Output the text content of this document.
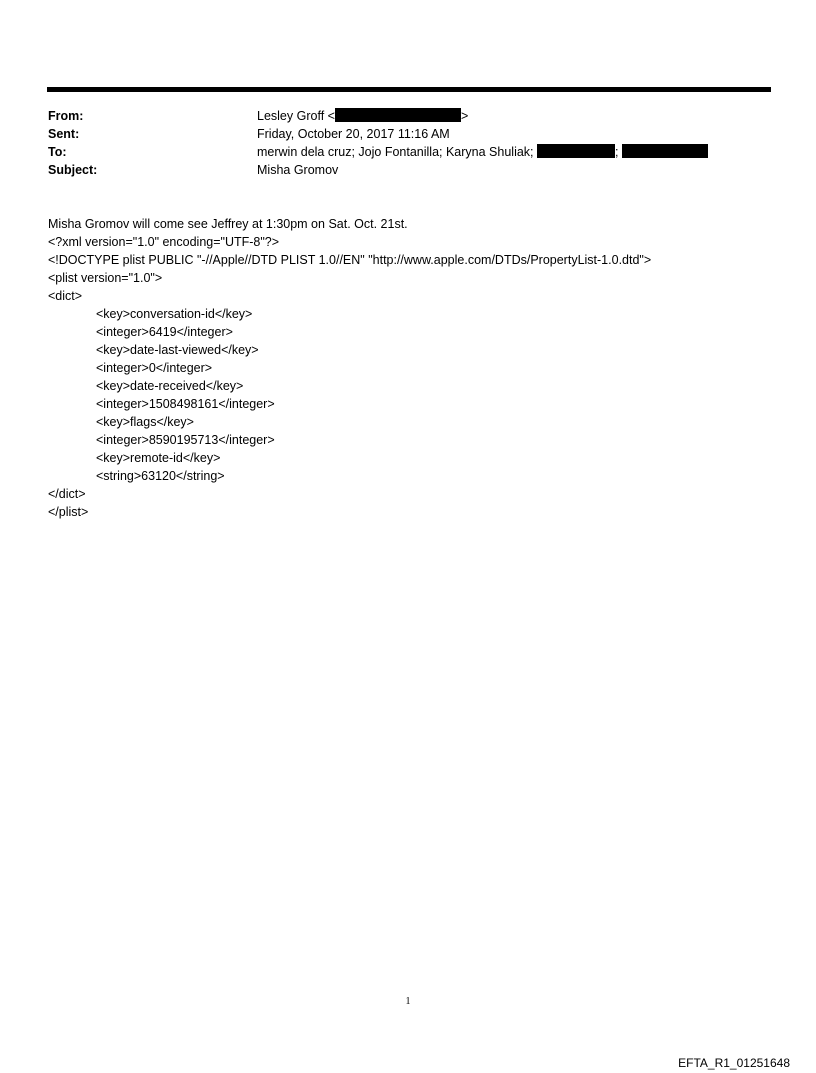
From:
Sent:
To:
Subject:
Lesley Groff <	>
Friday, October 20, 2017 11:16 AM
merwin dela cruz; Jojo Fontanilla; Karyna Shuliak;	;
Misha Gromov
Misha Gromov will come see Jeffrey at 1:30pm on Sat. Oct. 21st.
<?xml version="1.0" encoding="UTF-8"?>
<!DOCTYPE plist PUBLIC "-//Apple//DTD PLIST 1.0//EN" "http://www.apple.com/DTDs/PropertyList-1.0.dtd">
<plist version="1.0">
<dict>
<key>conversation-id</key>
<integer>6419</integer>
<key>date-last-viewed</key>
<integer>0</integer>
<key>date-received</key>
<integer>1508498161</integer>
<key>flags</key>
<integer>8590195713</integer>
<key>remote-id</key>
<string>63120</string>
</dict>
</plist>
1
EFTA_R1_01251648
